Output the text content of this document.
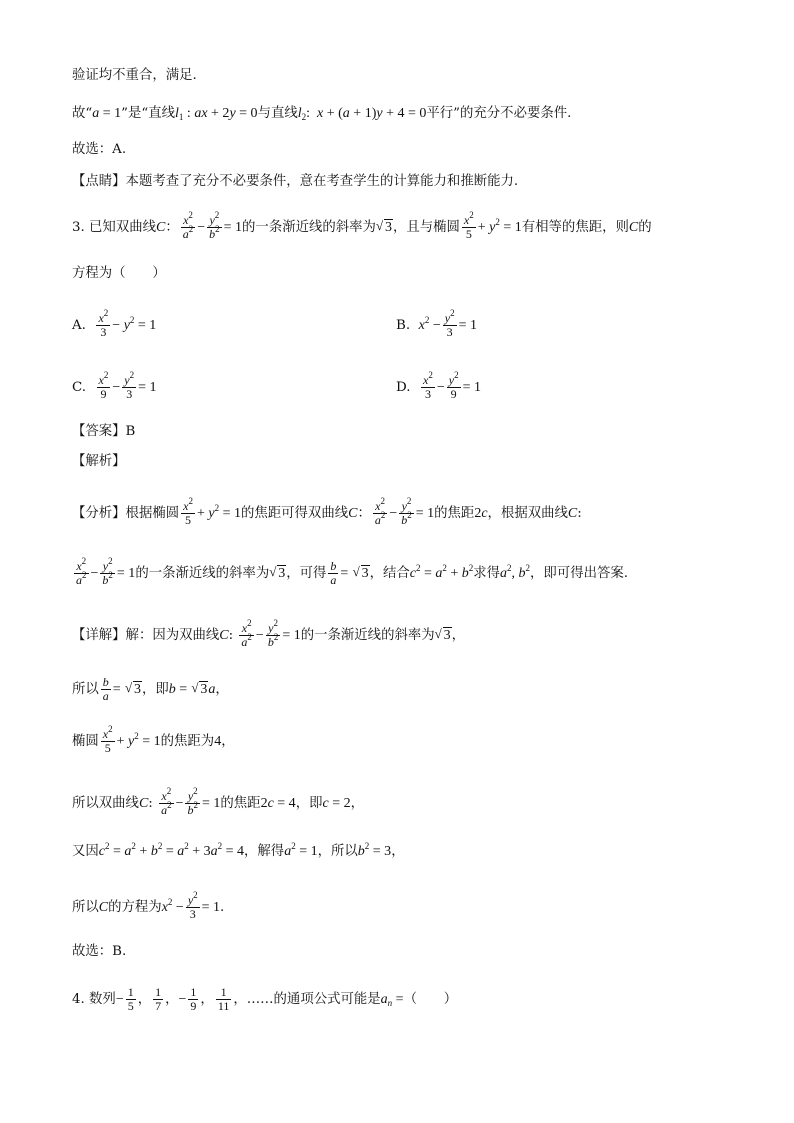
验证均不重合，满足.
故“a = 1”是“直线$l_1$ : ax + 2y = 0与直线$l_2$:  x + (a + 1)y + 4 = 0平行”的充分不必要条件.
故选：A.
【点睛】本题考查了充分不必要条件，意在考查学生的计算能力和推断能力.
3. 已知双曲线C： $\frac{x^2}{a^2} - \frac{y^2}{b^2} = 1$的一条渐近线的斜率为 √ 3，且与椭圆 $\frac{x^2}{5} + y^2 = 1$有相等的焦距，则C的
方程为（　　）
A. $\frac{x^2}{3} - y^2 = 1$	B. $x^2 - \frac{y^2}{3} = 1$
C. $\frac{x^2}{9} - \frac{y^2}{3} = 1$	D. $\frac{x^2}{3} - \frac{y^2}{9} = 1$
【答案】B
【解析】
【分析】根据椭圆 $\frac{x^2}{5} + y^2 = 1$的焦距可得双曲线C： $\frac{x^2}{a^2} - \frac{y^2}{b^2} = 1$的焦距2c，根据双曲线C:
$\frac{x^2}{a^2} - \frac{y^2}{b^2} = 1$的一条渐近线的斜率为 √ 3，可得 $\frac{b}{a}$ = √ 3，结合$c^2 = a^2 + b^2$求得$a^2$, $b^2$，即可得出答案.
【详解】解：因为双曲线C: $\frac{x^2}{a^2} - \frac{y^2}{b^2} = 1$的一条渐近线的斜率为 √ 3，
所以 $\frac{b}{a}$ = √ 3，即b = √ 3a，
椭圆 $\frac{x^2}{5} + y^2 = 1$的焦距为4，
所以双曲线C: $\frac{x^2}{a^2} - \frac{y^2}{b^2} = 1$的焦距2c = 4，即c = 2，
又因$c^2 = a^2 + b^2 = a^2 + 3a^2 = 4$，解得$a^2 = 1$，所以$b^2 = 3$，
所以C的方程为$x^2 - \frac{y^2}{3} = 1$.
故选：B.
4. 数列− $\frac{1}{5}$ ， $\frac{1}{7}$ ，− $\frac{1}{9}$ ， $\frac{1}{11}$ ，……的通项公式可能是$a_n$ =（　　）
